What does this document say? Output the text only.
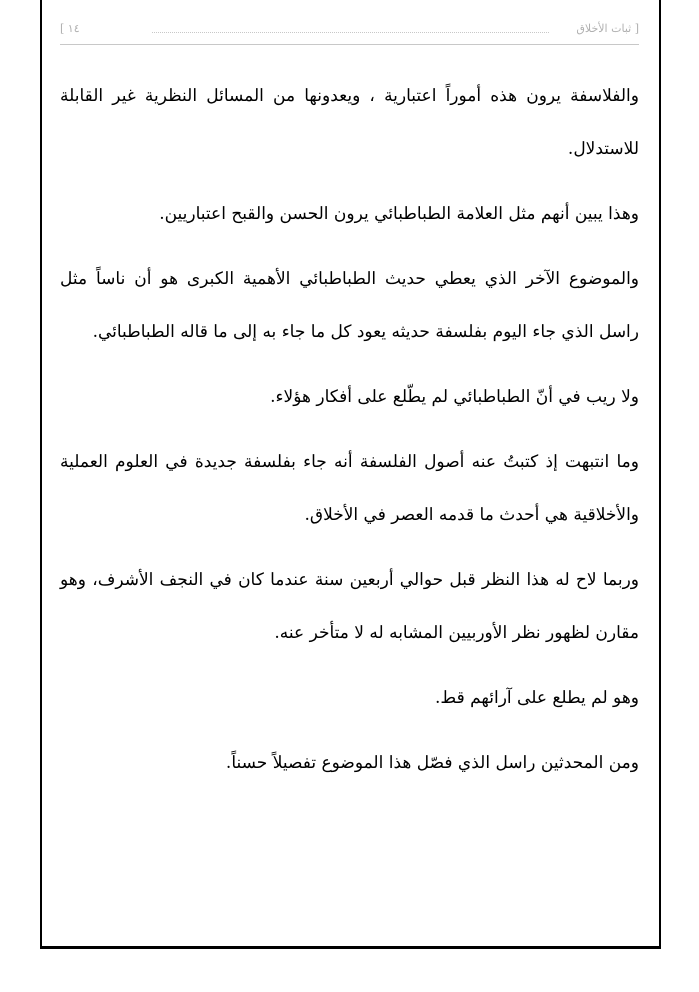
[ ثبات الأخلاق
١٤ ]

والفلاسفة يرون هذه أموراً اعتبارية ، ويعدونها من المسائل النظرية غير القابلة للاستدلال.

وهذا يبين أنهم مثل العلامة الطباطبائي يرون الحسن والقبح اعتباريين.

والموضوع الآخر الذي يعطي حديث الطباطبائي الأهمية الكبرى هو أن ناساً مثل راسل الذي جاء اليوم بفلسفة حديثه يعود كل ما جاء به إلى ما قاله الطباطبائي.

ولا ريب في أنّ الطباطبائي لم يطّلع على أفكار هؤلاء.

وما انتبهت إذ كتبتُ عنه أصول الفلسفة أنه جاء بفلسفة جديدة في العلوم العملية والأخلاقية هي أحدث ما قدمه العصر في الأخلاق.

وربما لاح له هذا النظر قبل حوالي أربعين سنة عندما كان في النجف الأشرف، وهو مقارن لظهور نظر الأوربيين المشابه له لا متأخر عنه.

وهو لم يطلع على آرائهم قط.

ومن المحدثين راسل الذي فصّل هذا الموضوع تفصيلاً حسناً.
